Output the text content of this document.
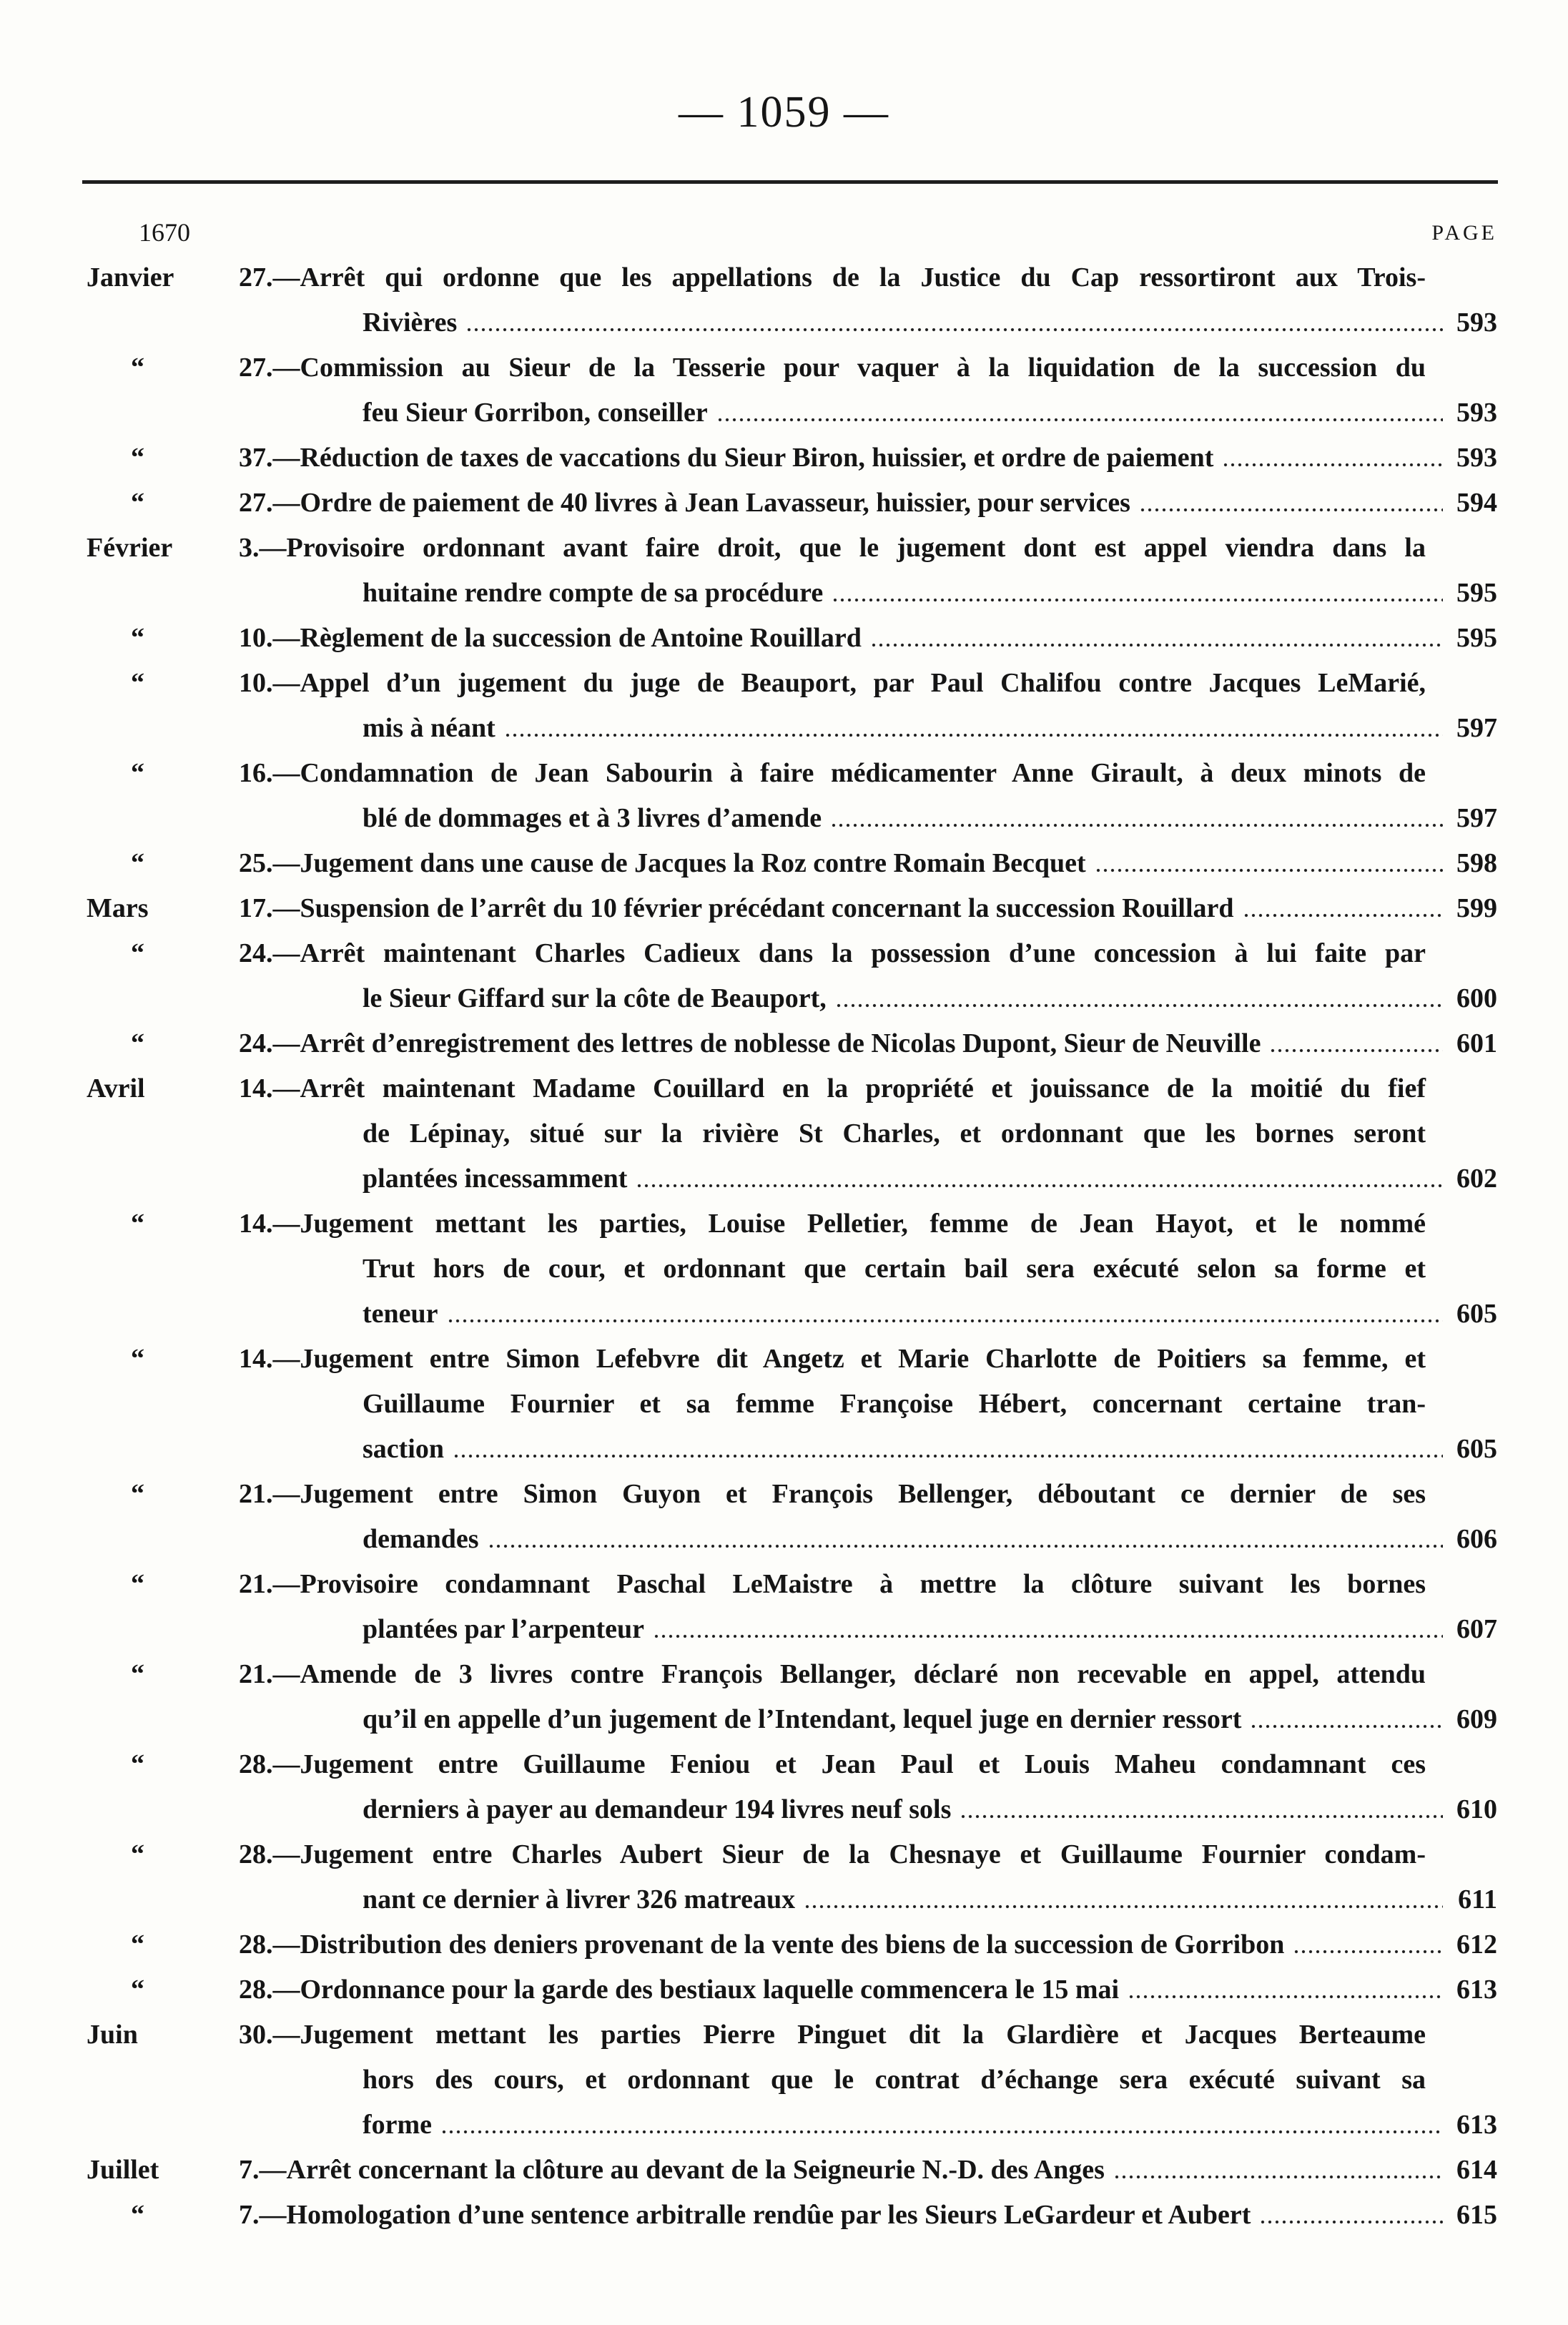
— 1059 —
1670	PAGE
Janvier 27.—Arrêt qui ordonne que les appellations de la Justice du Cap ressortiront aux Trois-
Rivières	593
“	27.—Commission au Sieur de la Tesserie pour vaquer à la liquidation de la succession du
feu Sieur Gorribon, conseiller	593
“	37.—Réduction de taxes de vaccations du Sieur Biron, huissier, et ordre de paiement	593
“	27.—Ordre de paiement de 40 livres à Jean Lavasseur, huissier, pour services	594
Février 3.—Provisoire ordonnant avant faire droit, que le jugement dont est appel viendra dans la
huitaine rendre compte de sa procédure	595
“	10.—Règlement de la succession de Antoine Rouillard	595
“	10.—Appel d’un jugement du juge de Beauport, par Paul Chalifou contre Jacques LeMarié,
mis à néant	597
“	16.—Condamnation de Jean Sabourin à faire médicamenter Anne Girault, à deux minots de
blé de dommages et à 3 livres d’amende	597
“	25.—Jugement dans une cause de Jacques la Roz contre Romain Becquet	598
Mars	17.—Suspension de l’arrêt du 10 février précédant concernant la succession Rouillard	599
“	24.—Arrêt maintenant Charles Cadieux dans la possession d’une concession à lui faite par
le Sieur Giffard sur la côte de Beauport,	600
“	24.—Arrêt d’enregistrement des lettres de noblesse de Nicolas Dupont, Sieur de Neuville	601
Avril	14.—Arrêt maintenant Madame Couillard en la propriété et jouissance de la moitié du fief
de Lépinay, situé sur la rivière St Charles, et ordonnant que les bornes seront
plantées incessamment	602
“	14.—Jugement mettant les parties, Louise Pelletier, femme de Jean Hayot, et le nommé
Trut hors de cour, et ordonnant que certain bail sera exécuté selon sa forme et
teneur	605
“	14.—Jugement entre Simon Lefebvre dit Angetz et Marie Charlotte de Poitiers sa femme, et
Guillaume Fournier et sa femme Françoise Hébert, concernant certaine tran-
saction	605
“	21.—Jugement entre Simon Guyon et François Bellenger, déboutant ce dernier de ses
demandes	606
“	21.—Provisoire condamnant Paschal LeMaistre à mettre la clôture suivant les bornes
plantées par l’arpenteur	607
“	21.—Amende de 3 livres contre François Bellanger, déclaré non recevable en appel, attendu
qu’il en appelle d’un jugement de l’Intendant, lequel juge en dernier ressort	609
“	28.—Jugement entre Guillaume Feniou et Jean Paul et Louis Maheu condamnant ces
derniers à payer au demandeur 194 livres neuf sols	610
“	28.—Jugement entre Charles Aubert Sieur de la Chesnaye et Guillaume Fournier condam-
nant ce dernier à livrer 326 matreaux	611
“	28.—Distribution des deniers provenant de la vente des biens de la succession de Gorribon	612
“	28.—Ordonnance pour la garde des bestiaux laquelle commencera le 15 mai	613
Juin	30.—Jugement mettant les parties Pierre Pinguet dit la Glardière et Jacques Berteaume
hors des cours, et ordonnant que le contrat d’échange sera exécuté suivant sa
forme	613
Juillet	7.—Arrêt concernant la clôture au devant de la Seigneurie N.-D. des Anges	614
“	7.—Homologation d’une sentence arbitralle rendûe par les Sieurs LeGardeur et Aubert	615
